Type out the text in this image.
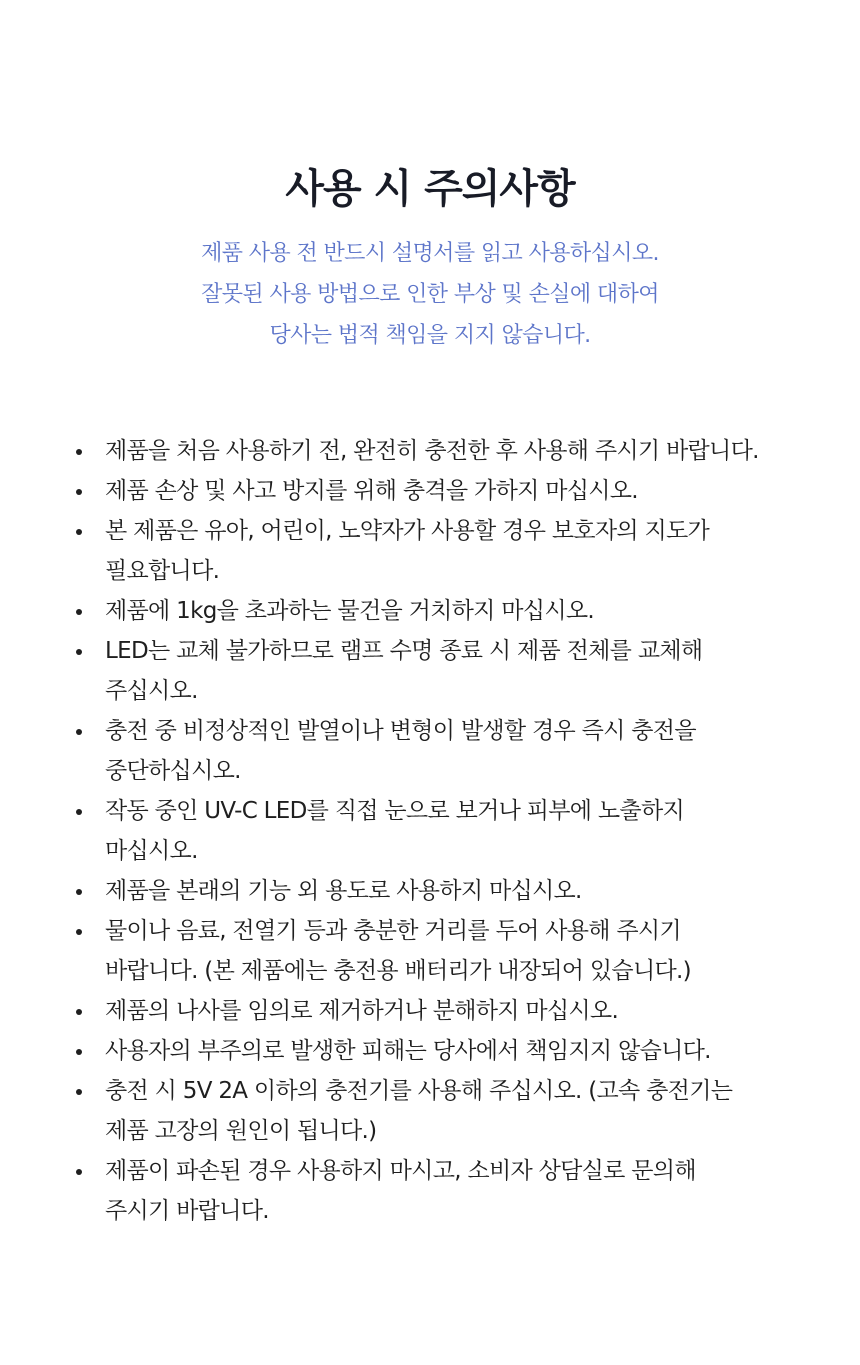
사용 시 주의사항
제품 사용 전 반드시 설명서를 읽고 사용하십시오.
잘못된 사용 방법으로 인한 부상 및 손실에 대하여
당사는 법적 책임을 지지 않습니다.
제품을 처음 사용하기 전, 완전히 충전한 후 사용해 주시기 바랍니다.
제품 손상 및 사고 방지를 위해 충격을 가하지 마십시오.
본 제품은 유아, 어린이, 노약자가 사용할 경우 보호자의 지도가
필요합니다.
제품에 1kg을 초과하는 물건을 거치하지 마십시오.
LED는 교체 불가하므로 램프 수명 종료 시 제품 전체를 교체해
주십시오.
충전 중 비정상적인 발열이나 변형이 발생할 경우 즉시 충전을
중단하십시오.
작동 중인 UV-C LED를 직접 눈으로 보거나 피부에 노출하지
마십시오.
제품을 본래의 기능 외 용도로 사용하지 마십시오.
물이나 음료, 전열기 등과 충분한 거리를 두어 사용해 주시기
바랍니다. (본 제품에는 충전용 배터리가 내장되어 있습니다.)
제품의 나사를 임의로 제거하거나 분해하지 마십시오.
사용자의 부주의로 발생한 피해는 당사에서 책임지지 않습니다.
충전 시 5V 2A 이하의 충전기를 사용해 주십시오. (고속 충전기는
제품 고장의 원인이 됩니다.)
제품이 파손된 경우 사용하지 마시고, 소비자 상담실로 문의해
주시기 바랍니다.
